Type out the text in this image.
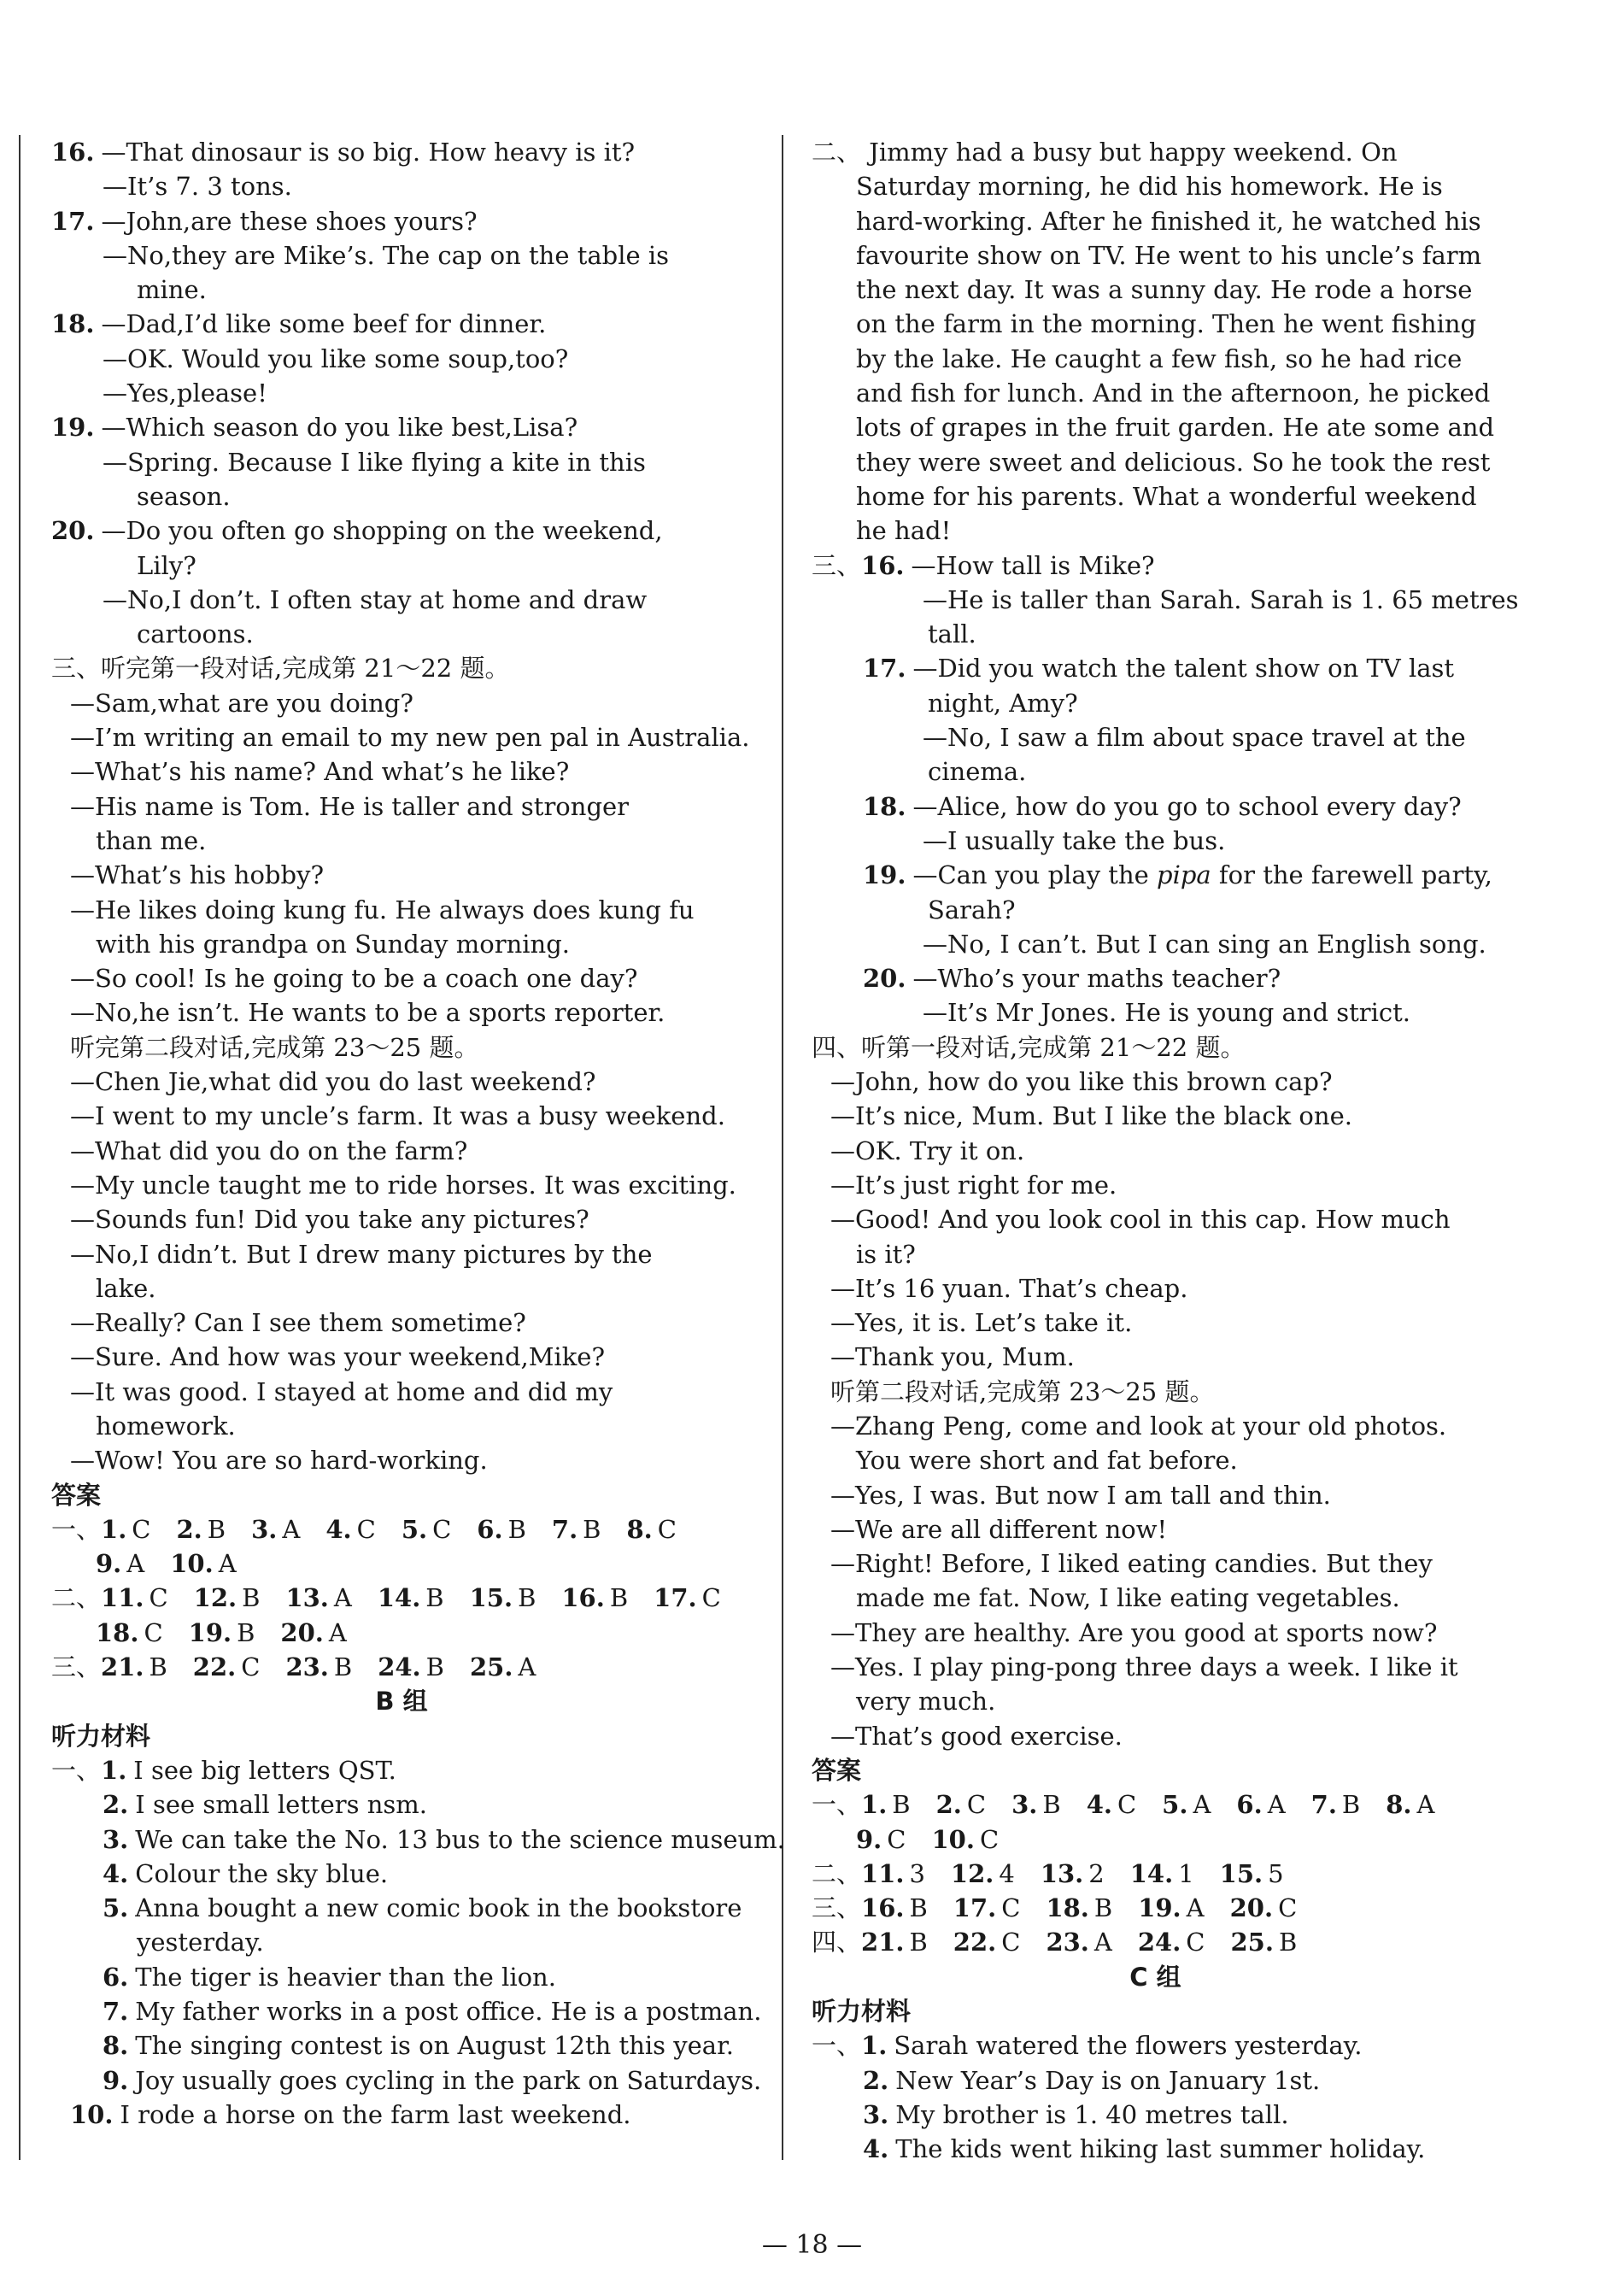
16. —That dinosaur is so big. How heavy is it?
—It’s 7. 3 tons.
17. —John,are these shoes yours?
—No,they are Mike’s. The cap on the table is
mine.
18. —Dad,I’d like some beef for dinner.
—OK. Would you like some soup,too?
—Yes,please!
19. —Which season do you like best,Lisa?
—Spring. Because I like flying a kite in this
season.
20. —Do you often go shopping on the weekend,
Lily?
—No,I don’t. I often stay at home and draw
cartoons.
三、听完第一段对话,完成第 21～22 题。
—Sam,what are you doing?
—I’m writing an email to my new pen pal in Australia.
—What’s his name? And what’s he like?
—His name is Tom. He is taller and stronger
than me.
—What’s his hobby?
—He likes doing kung fu. He always does kung fu
with his grandpa on Sunday morning.
—So cool! Is he going to be a coach one day?
—No,he isn’t. He wants to be a sports reporter.
听完第二段对话,完成第 23～25 题。
—Chen Jie,what did you do last weekend?
—I went to my uncle’s farm. It was a busy weekend.
—What did you do on the farm?
—My uncle taught me to ride horses. It was exciting.
—Sounds fun! Did you take any pictures?
—No,I didn’t. But I drew many pictures by the
lake.
—Really? Can I see them sometime?
—Sure. And how was your weekend,Mike?
—It was good. I stayed at home and did my
homework.
—Wow! You are so hard-working.
答案
一、 1. C 2. B 3. A 4. C 5. C 6. B 7. B 8. C
9. A 10. A
二、 11. C 12. B 13. A 14. B 15. B 16. B 17. C
18. C 19. B 20. A
三、 21. B 22. C 23. B 24. B 25. A
B 组
听力材料
一、 1. I see big letters QST.
2. I see small letters nsm.
3. We can take the No. 13 bus to the science museum.
4. Colour the sky blue.
5. Anna bought a new comic book in the bookstore
yesterday.
6. The tiger is heavier than the lion.
7. My father works in a post office. He is a postman.
8. The singing contest is on August 12th this year.
9. Joy usually goes cycling in the park on Saturdays.
10. I rode a horse on the farm last weekend.
二、 Jimmy had a busy but happy weekend. On
Saturday morning, he did his homework. He is
hard-working. After he finished it, he watched his
favourite show on TV. He went to his uncle’s farm
the next day. It was a sunny day. He rode a horse
on the farm in the morning. Then he went fishing
by the lake. He caught a few fish, so he had rice
and fish for lunch. And in the afternoon, he picked
lots of grapes in the fruit garden. He ate some and
they were sweet and delicious. So he took the rest
home for his parents. What a wonderful weekend
he had!
三、 16. —How tall is Mike?
—He is taller than Sarah. Sarah is 1. 65 metres
tall.
17. —Did you watch the talent show on TV last
night, Amy?
—No, I saw a film about space travel at the
cinema.
18. —Alice, how do you go to school every day?
—I usually take the bus.
19. —Can you play the pipa for the farewell party,
Sarah?
—No, I can’t. But I can sing an English song.
20. —Who’s your maths teacher?
—It’s Mr Jones. He is young and strict.
四、听第一段对话,完成第 21～22 题。
—John, how do you like this brown cap?
—It’s nice, Mum. But I like the black one.
—OK. Try it on.
—It’s just right for me.
—Good! And you look cool in this cap. How much
is it?
—It’s 16 yuan. That’s cheap.
—Yes, it is. Let’s take it.
—Thank you, Mum.
听第二段对话,完成第 23～25 题。
—Zhang Peng, come and look at your old photos.
You were short and fat before.
—Yes, I was. But now I am tall and thin.
—We are all different now!
—Right! Before, I liked eating candies. But they
made me fat. Now, I like eating vegetables.
—They are healthy. Are you good at sports now?
—Yes. I play ping-pong three days a week. I like it
very much.
—That’s good exercise.
答案
一、 1. B 2. C 3. B 4. C 5. A 6. A 7. B 8. A
9. C 10. C
二、 11. 3 12. 4 13. 2 14. 1 15. 5
三、 16. B 17. C 18. B 19. A 20. C
四、 21. B 22. C 23. A 24. C 25. B
C 组
听力材料
一、 1. Sarah watered the flowers yesterday.
2. New Year’s Day is on January 1st.
3. My brother is 1. 40 metres tall.
4. The kids went hiking last summer holiday.
— 18 —
